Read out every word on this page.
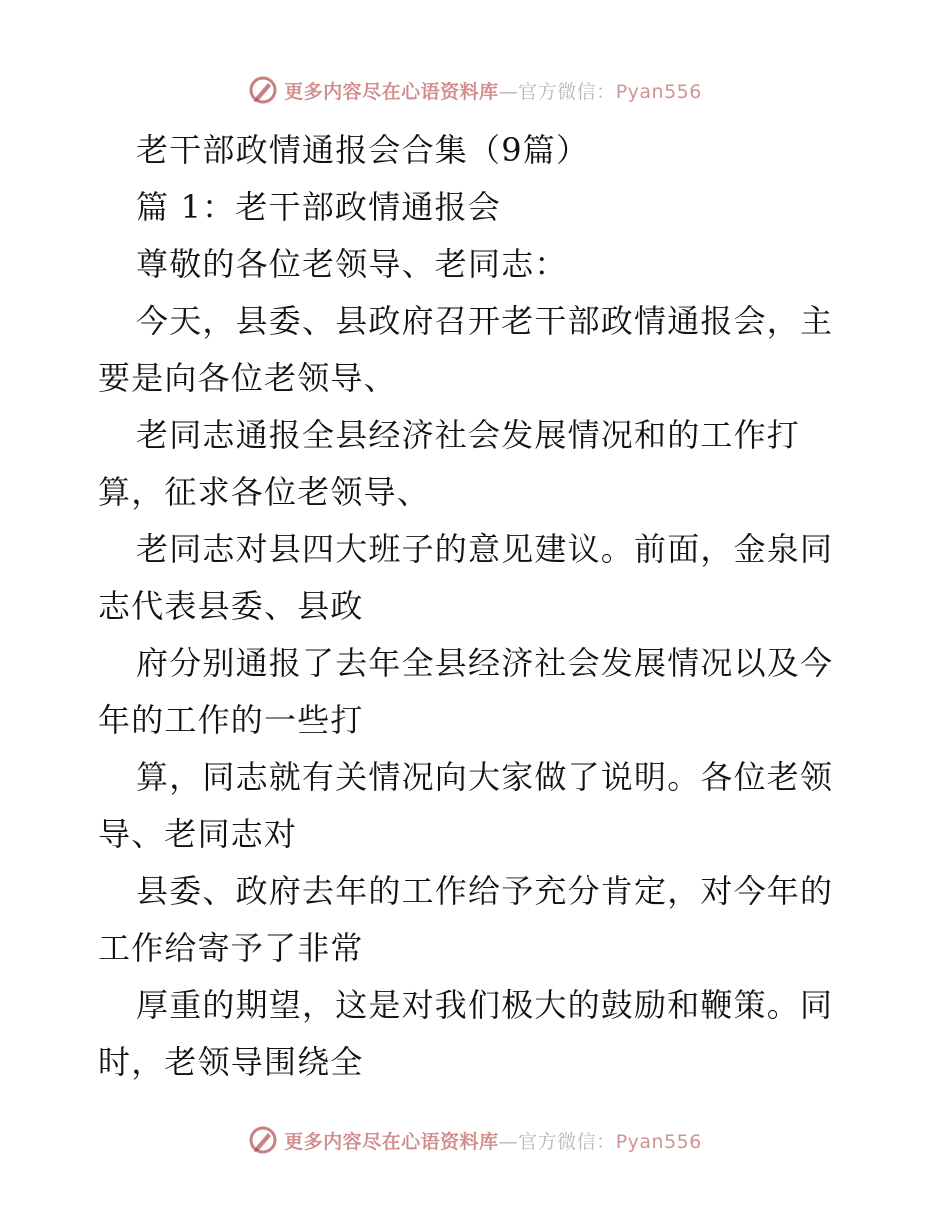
更多内容尽在心语资料库—官方微信：Pyan556
老干部政情通报会合集（9篇）
篇 1：老干部政情通报会
尊敬的各位老领导、老同志：
今天，县委、县政府召开老干部政情通报会，主
要是向各位老领导、
老同志通报全县经济社会发展情况和的工作打
算，征求各位老领导、
老同志对县四大班子的意见建议。前面，金泉同
志代表县委、县政
府分别通报了去年全县经济社会发展情况以及今
年的工作的一些打
算，同志就有关情况向大家做了说明。各位老领
导、老同志对
县委、政府去年的工作给予充分肯定，对今年的
工作给寄予了非常
厚重的期望，这是对我们极大的鼓励和鞭策。同
时，老领导围绕全
更多内容尽在心语资料库—官方微信：Pyan556
